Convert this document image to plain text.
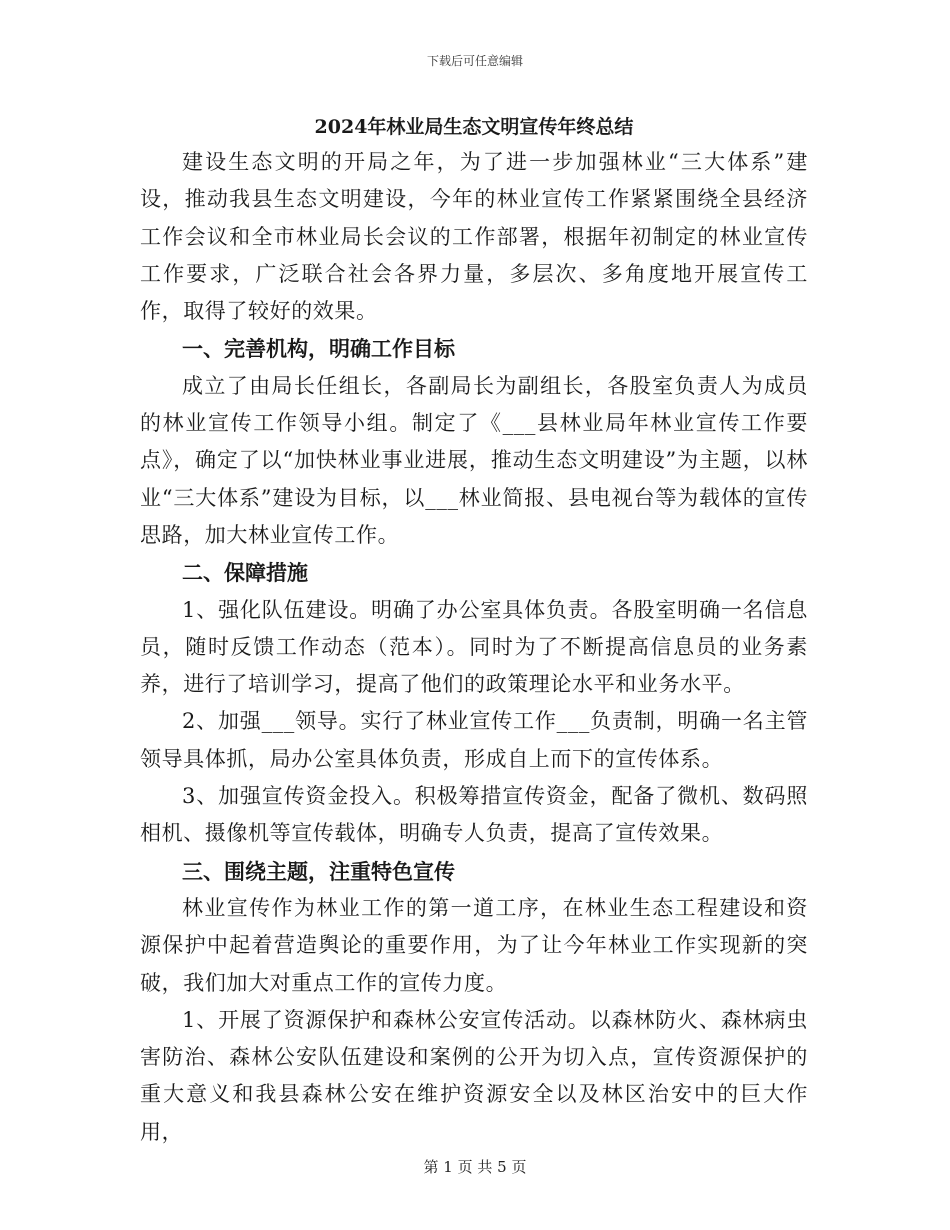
下载后可任意编辑
2024年林业局生态文明宣传年终总结

建设生态文明的开局之年，为了进一步加强林业“三大体系”建设，推动我县生态文明建设，今年的林业宣传工作紧紧围绕全县经济工作会议和全市林业局长会议的工作部署，根据年初制定的林业宣传工作要求，广泛联合社会各界力量，多层次、多角度地开展宣传工作，取得了较好的效果。

一、完善机构，明确工作目标

成立了由局长任组长，各副局长为副组长，各股室负责人为成员的林业宣传工作领导小组。制定了《___县林业局年林业宣传工作要点》，确定了以“加快林业事业进展，推动生态文明建设”为主题，以林业“三大体系”建设为目标，以___林业简报、县电视台等为载体的宣传思路，加大林业宣传工作。

二、保障措施

1、强化队伍建设。明确了办公室具体负责。各股室明确一名信息员，随时反馈工作动态（范本）。同时为了不断提高信息员的业务素养，进行了培训学习，提高了他们的政策理论水平和业务水平。

2、加强___领导。实行了林业宣传工作___负责制，明确一名主管领导具体抓，局办公室具体负责，形成自上而下的宣传体系。

3、加强宣传资金投入。积极筹措宣传资金，配备了微机、数码照相机、摄像机等宣传载体，明确专人负责，提高了宣传效果。

三、围绕主题，注重特色宣传

林业宣传作为林业工作的第一道工序，在林业生态工程建设和资源保护中起着营造舆论的重要作用，为了让今年林业工作实现新的突破，我们加大对重点工作的宣传力度。

1、开展了资源保护和森林公安宣传活动。以森林防火、森林病虫害防治、森林公安队伍建设和案例的公开为切入点，宣传资源保护的重大意义和我县森林公安在维护资源安全以及林区治安中的巨大作用，

第 1 页 共 5 页
